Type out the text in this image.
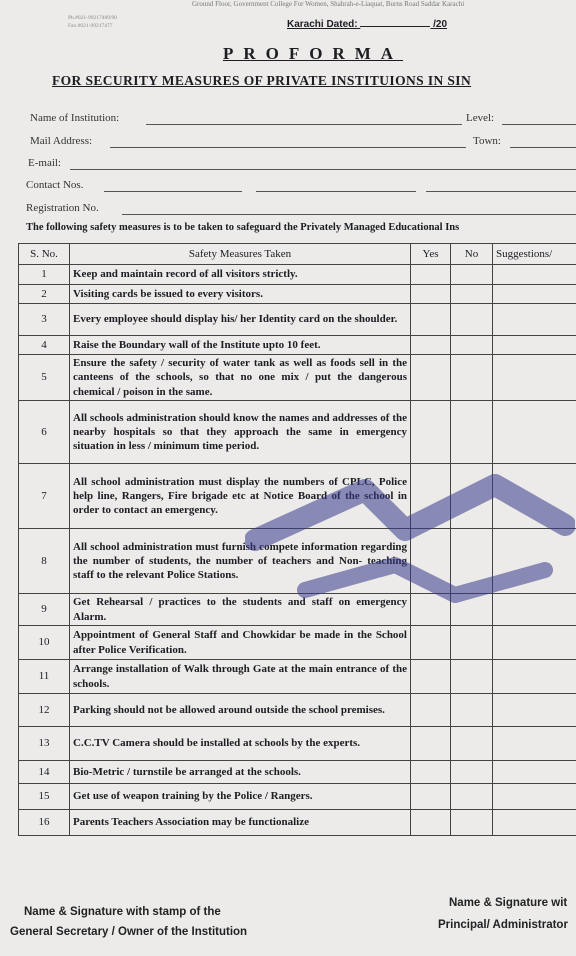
Ground Floor, Government College For Women, Shahrah-e-Liaquat, Burns Road Saddar Karachi
Ph.#021-99217489/90
Fax.#021-99217477	Karachi Dated:	/20
PROFORMA
FOR SECURITY MEASURES OF PRIVATE INSTITUIONS IN SIN
Name of Institution:	Level:
Mail Address:	Town:
E-mail:
Contact Nos.
Registration No.
The following safety measures is to be taken to safeguard the Privately Managed Educational Ins
S. No.	Safety Measures Taken	Yes	No	Suggestions/
1	Keep and maintain record of all visitors strictly.			
2	Visiting cards be issued to every visitors.			
3	Every employee should display his/ her Identity card on the shoulder.			
4	Raise the Boundary wall of the Institute upto 10 feet.			
5	Ensure the safety / security of water tank as well as foods sell in the canteens of the schools, so that no one mix / put the dangerous chemical / poison in the same.			
6	All schools administration should know the names and addresses of the nearby hospitals so that they approach the same in emergency situation in less / minimum time period.			
7	All school administration must display the numbers of CPLC, Police help line, Rangers, Fire brigade etc at Notice Board of the school in order to contact an emergency.			
8	All school administration must furnish compete information regarding the number of students, the number of teachers and Non- teaching staff to the relevant Police Stations.			
9	Get Rehearsal / practices to the students and staff on emergency Alarm.			
10	Appointment of General Staff and Chowkidar be made in the School after Police Verification.			
11	Arrange installation of Walk through Gate at the main entrance of the schools.			
12	Parking should not be allowed around outside the school premises.			
13	C.C.TV Camera should be installed at schools by the experts.			
14	Bio-Metric / turnstile be arranged at the schools.			
15	Get use of weapon training by the Police / Rangers.			
16	Parents Teachers Association may be functionalize			
Name & Signature with stamp of the
General Secretary / Owner of the Institution
Name & Signature wit
Principal/ Administrator
